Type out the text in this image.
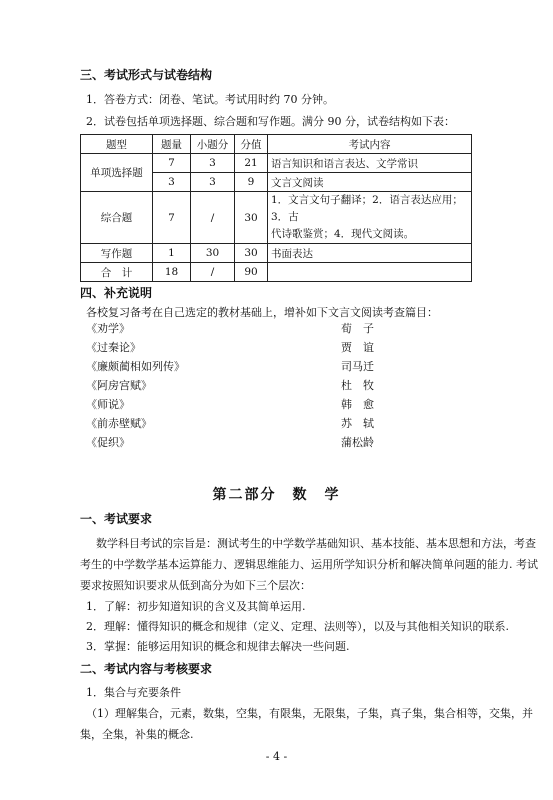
三、考试形式与试卷结构
1．答卷方式：闭卷、笔试。考试用时约 70 分钟。
2．试卷包括单项选择题、综合题和写作题。满分 90 分，试卷结构如下表：
题型	题量	小题分	分值	考试内容
单项选择题	7	3	21	语言知识和语言表达、文学常识
	3	3	9	文言文阅读
综合题	7	/	30	1．文言文句子翻译；2．语言表达应用；3．古
代诗歌鉴赏；4．现代文阅读。

写作题	1	30	30	书面表达
合　计	18	/	90	
四、补充说明
各校复习备考在自己选定的教材基础上，增补如下文言文阅读考查篇目：
《劝学》	荀　子
《过秦论》	贾　谊
《廉颇蔺相如列传》	司马迁
《阿房宫赋》	杜　牧
《师说》	韩　愈
《前赤壁赋》	苏　轼
《促织》	蒲松龄
第二部分　数　学
一、考试要求
数学科目考试的宗旨是：测试考生的中学数学基础知识、基本技能、基本思想和方法，考查
考生的中学数学基本运算能力、逻辑思维能力、运用所学知识分析和解决简单问题的能力. 考试
要求按照知识要求从低到高分为如下三个层次：
1．了解：初步知道知识的含义及其简单运用.
2．理解：懂得知识的概念和规律（定义、定理、法则等），以及与其他相关知识的联系.
3．掌握：能够运用知识的概念和规律去解决一些问题.
二、考试内容与考核要求
1．集合与充要条件
（1）理解集合，元素，数集，空集，有限集，无限集，子集，真子集，集合相等，交集，并
集，全集，补集的概念.
- 4 -
